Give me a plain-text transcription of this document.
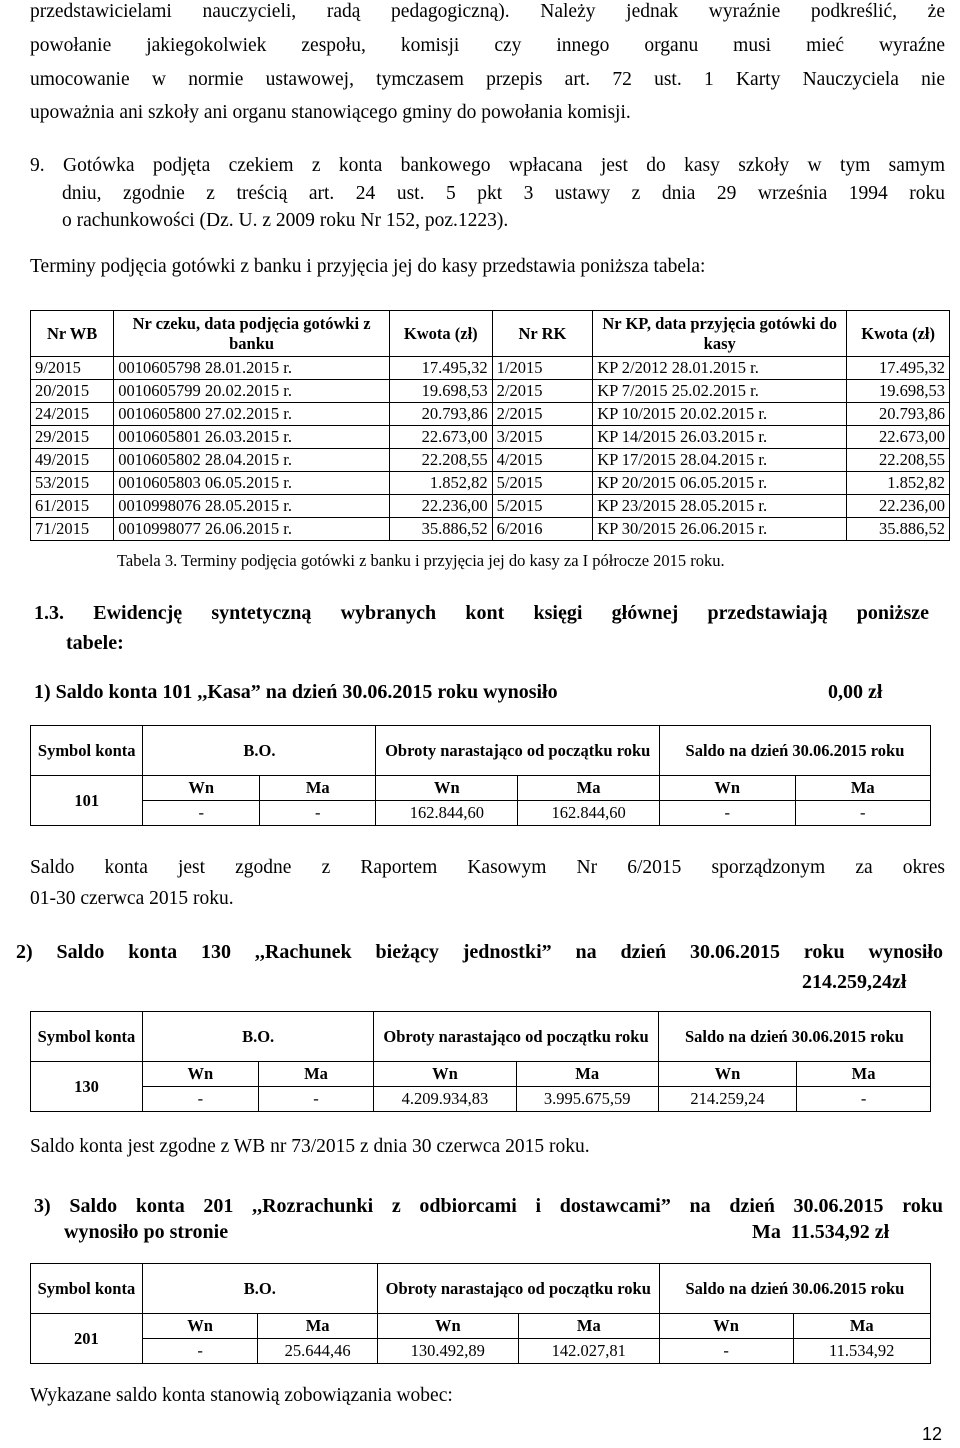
przedstawicielami nauczycieli, radą pedagogiczną). Należy jednak wyraźnie podkreślić, że
powołanie jakiegokolwiek zespołu, komisji czy innego organu musi mieć wyraźne
umocowanie w normie ustawowej, tymczasem przepis art. 72 ust. 1 Karty Nauczyciela nie
upoważnia ani szkoły ani organu stanowiącego gminy do powołania komisji.
9. Gotówka podjęta czekiem z konta bankowego wpłacana jest do kasy szkoły w tym samym
dniu, zgodnie z treścią art. 24 ust. 5 pkt 3 ustawy z dnia 29 września 1994 roku
o rachunkowości (Dz. U. z 2009 roku Nr 152, poz.1223).
Terminy podjęcia gotówki z banku i przyjęcia jej do kasy przedstawia poniższa tabela:
Nr WB	Nr czeku, data podjęcia gotówki z banku	Kwota (zł)	Nr RK	Nr KP, data przyjęcia gotówki do kasy	Kwota (zł)
9/2015	0010605798 28.01.2015 r.	17.495,32	1/2015	KP 2/2012 28.01.2015 r.	17.495,32
20/2015	0010605799 20.02.2015 r.	19.698,53	2/2015	KP 7/2015 25.02.2015 r.	19.698,53
24/2015	0010605800 27.02.2015 r.	20.793,86	2/2015	KP 10/2015 20.02.2015 r.	20.793,86
29/2015	0010605801 26.03.2015 r.	22.673,00	3/2015	KP 14/2015 26.03.2015 r.	22.673,00
49/2015	0010605802 28.04.2015 r.	22.208,55	4/2015	KP 17/2015 28.04.2015 r.	22.208,55
53/2015	0010605803 06.05.2015 r.	1.852,82	5/2015	KP 20/2015 06.05.2015 r.	1.852,82
61/2015	0010998076 28.05.2015 r.	22.236,00	5/2015	KP 23/2015 28.05.2015 r.	22.236,00
71/2015	0010998077 26.06.2015 r.	35.886,52	6/2016	KP 30/2015 26.06.2015 r.	35.886,52
Tabela 3. Terminy podjęcia gotówki z banku i przyjęcia jej do kasy za I półrocze 2015 roku.
1.3. Ewidencję syntetyczną wybranych kont księgi głównej przedstawiają poniższe
tabele:
1) Saldo konta 101 ,,Kasa” na dzień 30.06.2015 roku wynosiło	0,00 zł
Symbol konta	B.O.		Obroty narastająco od początku roku		Saldo na dzień 30.06.2015 roku	
101	Wn	Ma	Wn	Ma	Wn	Ma
	-	-	162.844,60	162.844,60	-	-
Symbol konta	B.O.		Obroty narastająco od początku roku		Saldo na dzień 30.06.2015 roku	
130	Wn	Ma	Wn	Ma	Wn	Ma
	-	-	4.209.934,83	3.995.675,59	214.259,24	-
Symbol konta	B.O.		Obroty narastająco od początku roku		Saldo na dzień 30.06.2015 roku	
201	Wn	Ma	Wn	Ma	Wn	Ma
	-	25.644,46	130.492,89	142.027,81	-	11.534,92
Saldo konta jest zgodne z Raportem Kasowym Nr 6/2015 sporządzonym za okres
01-30 czerwca 2015 roku.
2) Saldo konta 130 ,,Rachunek bieżący jednostki” na dzień 30.06.2015 roku wynosiło
214.259,24zł
Saldo konta jest zgodne z WB nr 73/2015 z dnia 30 czerwca 2015 roku.
3) Saldo konta 201 ,,Rozrachunki z odbiorcami i dostawcami” na dzień 30.06.2015 roku
wynosiło po stronie	Ma  11.534,92 zł
Wykazane saldo konta stanowią zobowiązania wobec:
12
